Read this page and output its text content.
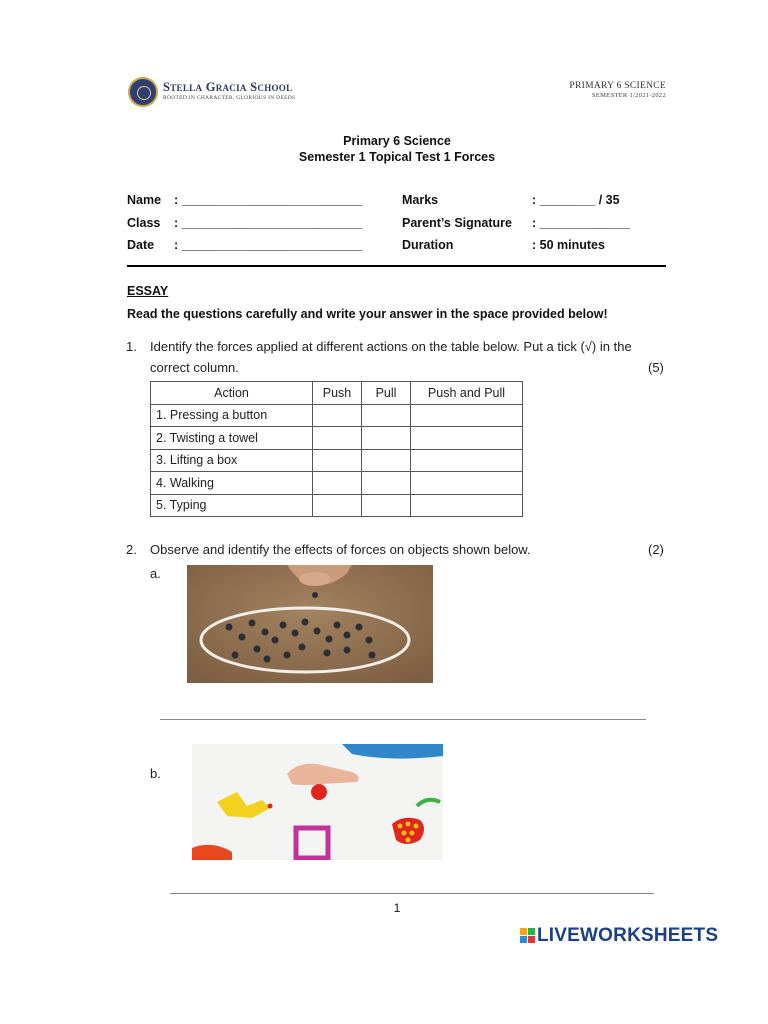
Stella Gracia School
ROOTED IN CHARACTER, GLORIOUS IN DEEDS
PRIMARY 6 SCIENCE
SEMESTER 1/2021-2022
Primary 6 Science
Semester 1 Topical Test 1 Forces
Name : __________________________
Class : __________________________
Date : __________________________
Marks	: ________ / 35
Parent’s Signature : _____________
Duration	: 50 minutes
ESSAY
Read the questions carefully and write your answer in the space provided below!
1. Identify the forces applied at different actions on the table below. Put a tick (√) in the
correct column.	(5)
Action	Push	Pull	Push and Pull
1. Pressing a button			
2. Twisting a towel			
3. Lifting a box			
4. Walking			
5. Typing			
2. Observe and identify the effects of forces on objects shown below.	(2)
a.
b.
1
LIVEWORKSHEETS
